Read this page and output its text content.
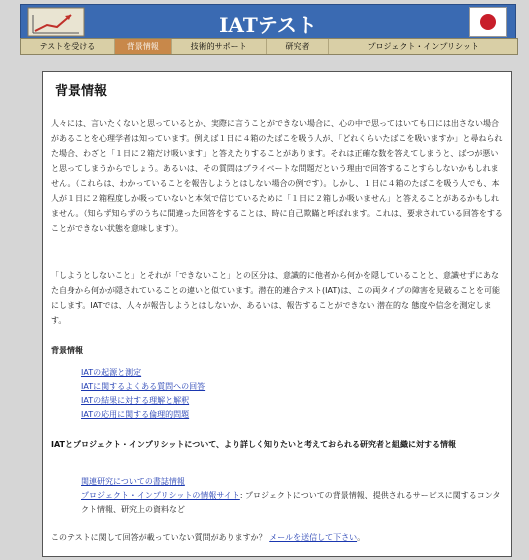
IATテスト
テストを受ける	背景情報	技術的サポート	研究者	プロジェクト・インプリシット
背景情報
人々には、言いたくないと思っているとか、実際に言うことができない場合に、心の中で思ってはいても口には出さない場合があることを心理学者は知っています。例えば１日に４箱のたばこを吸う人が、「どれくらいたばこを吸いますか」と尋ねられた場合、わざと「１日に２箱だけ吸います」と答えたりすることがあります。それは正確な数を答えてしまうと、ばつが悪いと思ってしまうからでしょう。あるいは、その質問はプライベートな問題だという理由で回答することすらしないかもしれません。（これらは、わかっていることを報告しようとはしない場合の例です）。しかし、１日に４箱のたばこを吸う人でも、本人が１日に２箱程度しか吸っていないと本気で信じているために「１日に２箱しか吸いません」と答えることがあるかもしれません。（知らず知らずのうちに間違った回答をすることは、時に自己欺瞞と呼ばれます。これは、要求されている回答をすることができない状態を意味します）。
「しようとしないこと」とそれが「できないこと」との区分は、意識的に他者から何かを隠していることと、意識せずにあなた自身から何かが隠されていることの違いと似ています。潜在的連合テスト(IAT)は、この両タイプの障害を見破ることを可能にします。IATでは、人々が報告しようとはしないか、あるいは、報告することができない 潜在的な 態度や信念を測定します。
背景情報
IATの起源と測定
IATに関するよくある質問への回答
IATの結果に対する理解と解釈
IATの応用に関する倫理的問題
IATとプロジェクト・インプリシットについて、より詳しく知りたいと考えておられる研究者と組織に対する情報
関連研究についての書誌情報
プロジェクト・インプリシットの情報サイト: プロジェクトについての背景情報、提供されるサービスに関するコンタクト情報、研究上の資料など
このテストに関して回答が載っていない質問がありますか？ メールを送信して下さい。
